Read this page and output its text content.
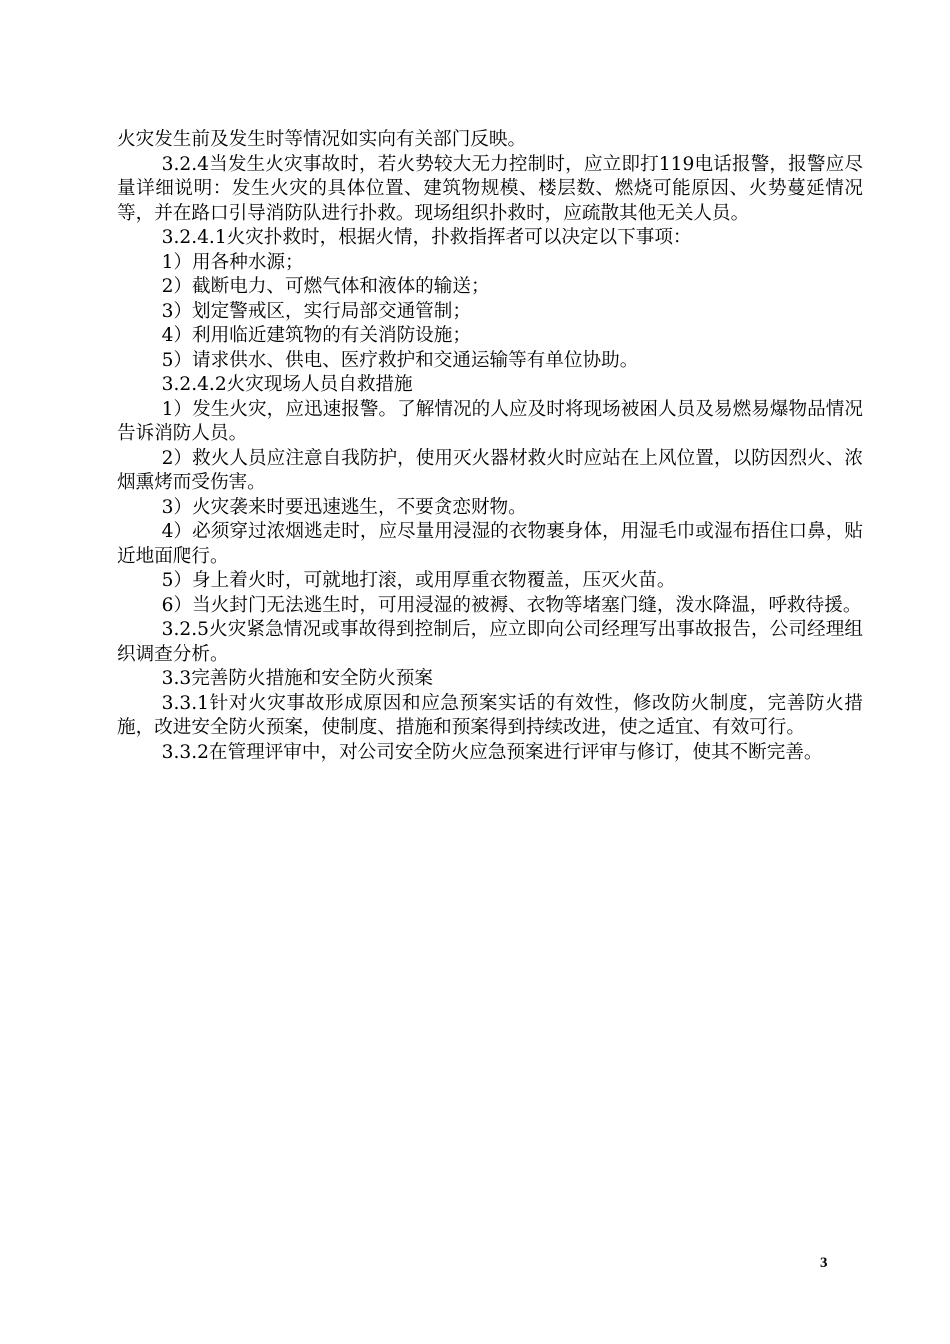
火灾发生前及发生时等情况如实向有关部门反映。

3.2.4当发生火灾事故时，若火势较大无力控制时，应立即打119电话报警，报警应尽量详细说明：发生火灾的具体位置、建筑物规模、楼层数、燃烧可能原因、火势蔓延情况等，并在路口引导消防队进行扑救。现场组织扑救时，应疏散其他无关人员。

3.2.4.1火灾扑救时，根据火情，扑救指挥者可以决定以下事项：

1）用各种水源；

2）截断电力、可燃气体和液体的输送；

3）划定警戒区，实行局部交通管制；

4）利用临近建筑物的有关消防设施；

5）请求供水、供电、医疗救护和交通运输等有单位协助。

3.2.4.2火灾现场人员自救措施

1）发生火灾，应迅速报警。了解情况的人应及时将现场被困人员及易燃易爆物品情况告诉消防人员。

2）救火人员应注意自我防护，使用灭火器材救火时应站在上风位置，以防因烈火、浓烟熏烤而受伤害。

3）火灾袭来时要迅速逃生，不要贪恋财物。

4）必须穿过浓烟逃走时，应尽量用浸湿的衣物裹身体，用湿毛巾或湿布捂住口鼻，贴近地面爬行。

5）身上着火时，可就地打滚，或用厚重衣物覆盖，压灭火苗。

6）当火封门无法逃生时，可用浸湿的被褥、衣物等堵塞门缝，泼水降温，呼救待援。

3.2.5火灾紧急情况或事故得到控制后，应立即向公司经理写出事故报告，公司经理组织调查分析。

3.3完善防火措施和安全防火预案

3.3.1针对火灾事故形成原因和应急预案实话的有效性，修改防火制度，完善防火措施，改进安全防火预案，使制度、措施和预案得到持续改进，使之适宜、有效可行。

3.3.2在管理评审中，对公司安全防火应急预案进行评审与修订，使其不断完善。

3
